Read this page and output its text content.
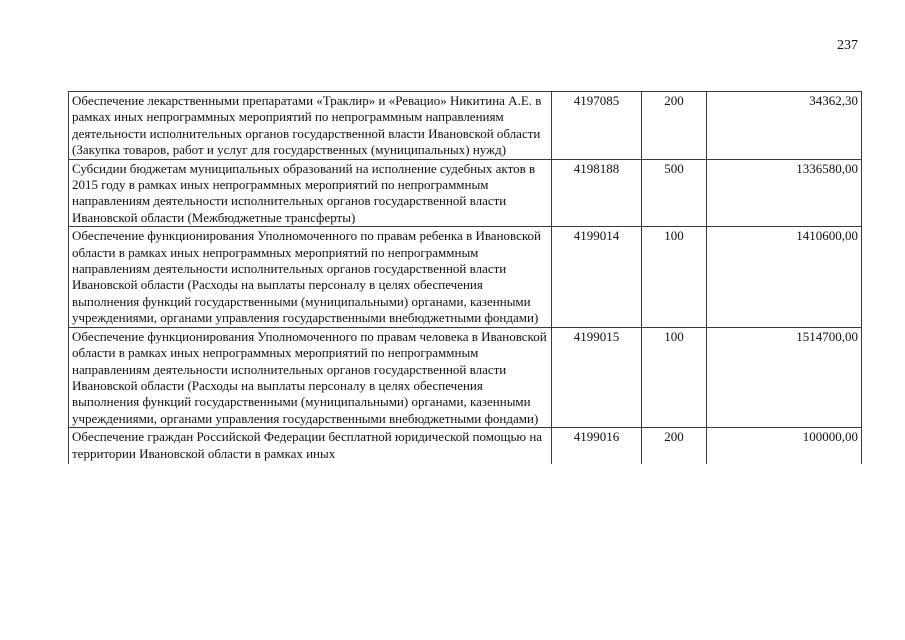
237
Обеспечение лекарственными препаратами «Траклир» и «Ревацио» Никитина А.Е. в рамках иных непрограммных мероприятий по непрограммным направлениям деятельности исполнительных органов государственной власти Ивановской области (Закупка товаров, работ и услуг для государственных (муниципальных) нужд)	4197085	200	34362,30
Субсидии бюджетам муниципальных образований на исполнение судебных актов в 2015 году в рамках иных непрограммных мероприятий по непрограммным направлениям деятельности исполнительных органов государственной власти Ивановской области (Межбюджетные трансферты)	4198188	500	1336580,00
Обеспечение функционирования Уполномоченного по правам ребенка в Ивановской области в рамках иных непрограммных мероприятий по непрограммным направлениям деятельности исполнительных органов государственной власти Ивановской области (Расходы на выплаты персоналу в целях обеспечения выполнения функций государственными (муниципальными) органами, казенными учреждениями, органами управления государственными внебюджетными фондами)	4199014	100	1410600,00
Обеспечение функционирования Уполномоченного по правам человека в Ивановской области в рамках иных непрограммных мероприятий по непрограммным направлениям деятельности исполнительных органов государственной власти Ивановской области (Расходы на выплаты персоналу в целях обеспечения выполнения функций государственными (муниципальными) органами, казенными учреждениями, органами управления государственными внебюджетными фондами)	4199015	100	1514700,00
Обеспечение граждан Российской Федерации бесплатной юридической помощью на территории Ивановской области в рамках иных	4199016	200	100000,00
